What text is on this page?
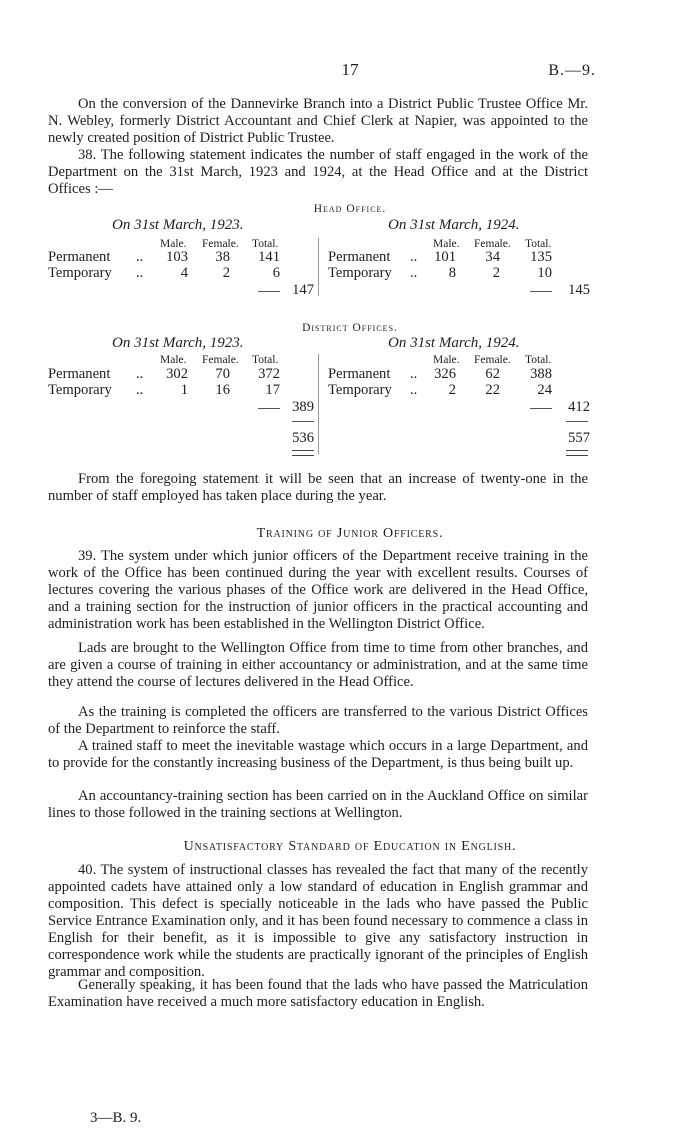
17	B.—9.

On the conversion of the Dannevirke Branch into a District Public Trustee Office Mr. N. Webley, formerly District Accountant and Chief Clerk at Napier, was appointed to the newly created position of District Public Trustee.

38. The following statement indicates the number of staff engaged in the work of the Department on the 31st March, 1923 and 1924, at the Head Office and at the District Offices :—

Head Office.
On 31st March, 1923.	On 31st March, 1924.
Male. Female. Total.	Male. Female. Total.
Permanent ..	103	38	141
Temporary ..	4	2	6
147
Permanent ..	101	34	135
Temporary ..	8	2	10
145
District Offices.
On 31st March, 1923.	On 31st March, 1924.
Male. Female. Total.	Male. Female. Total.
Permanent ..	302	70	372
Temporary ..	1	16	17
389
536
Permanent ..	326	62	388
Temporary ..	2	22	24
412
557

From the foregoing statement it will be seen that an increase of twenty-one in the number of staff employed has taken place during the year.

Training of Junior Officers.

39. The system under which junior officers of the Department receive training in the work of the Office has been continued during the year with excellent results. Courses of lectures covering the various phases of the Office work are delivered in the Head Office, and a training section for the instruction of junior officers in the practical accounting and administration work has been established in the Wellington District Office.

Lads are brought to the Wellington Office from time to time from other branches, and are given a course of training in either accountancy or administration, and at the same time they attend the course of lectures delivered in the Head Office.

As the training is completed the officers are transferred to the various District Offices of the Department to reinforce the staff.

A trained staff to meet the inevitable wastage which occurs in a large Department, and to provide for the constantly increasing business of the Department, is thus being built up.

An accountancy-training section has been carried on in the Auckland Office on similar lines to those followed in the training sections at Wellington.

Unsatisfactory Standard of Education in English.

40. The system of instructional classes has revealed the fact that many of the recently appointed cadets have attained only a low standard of education in English grammar and composition. This defect is specially noticeable in the lads who have passed the Public Service Entrance Examination only, and it has been found necessary to commence a class in English for their benefit, as it is impossible to give any satisfactory instruction in correspondence work while the students are practically ignorant of the principles of English grammar and composition.

Generally speaking, it has been found that the lads who have passed the Matriculation Examination have received a much more satisfactory education in English.

3—B. 9.
